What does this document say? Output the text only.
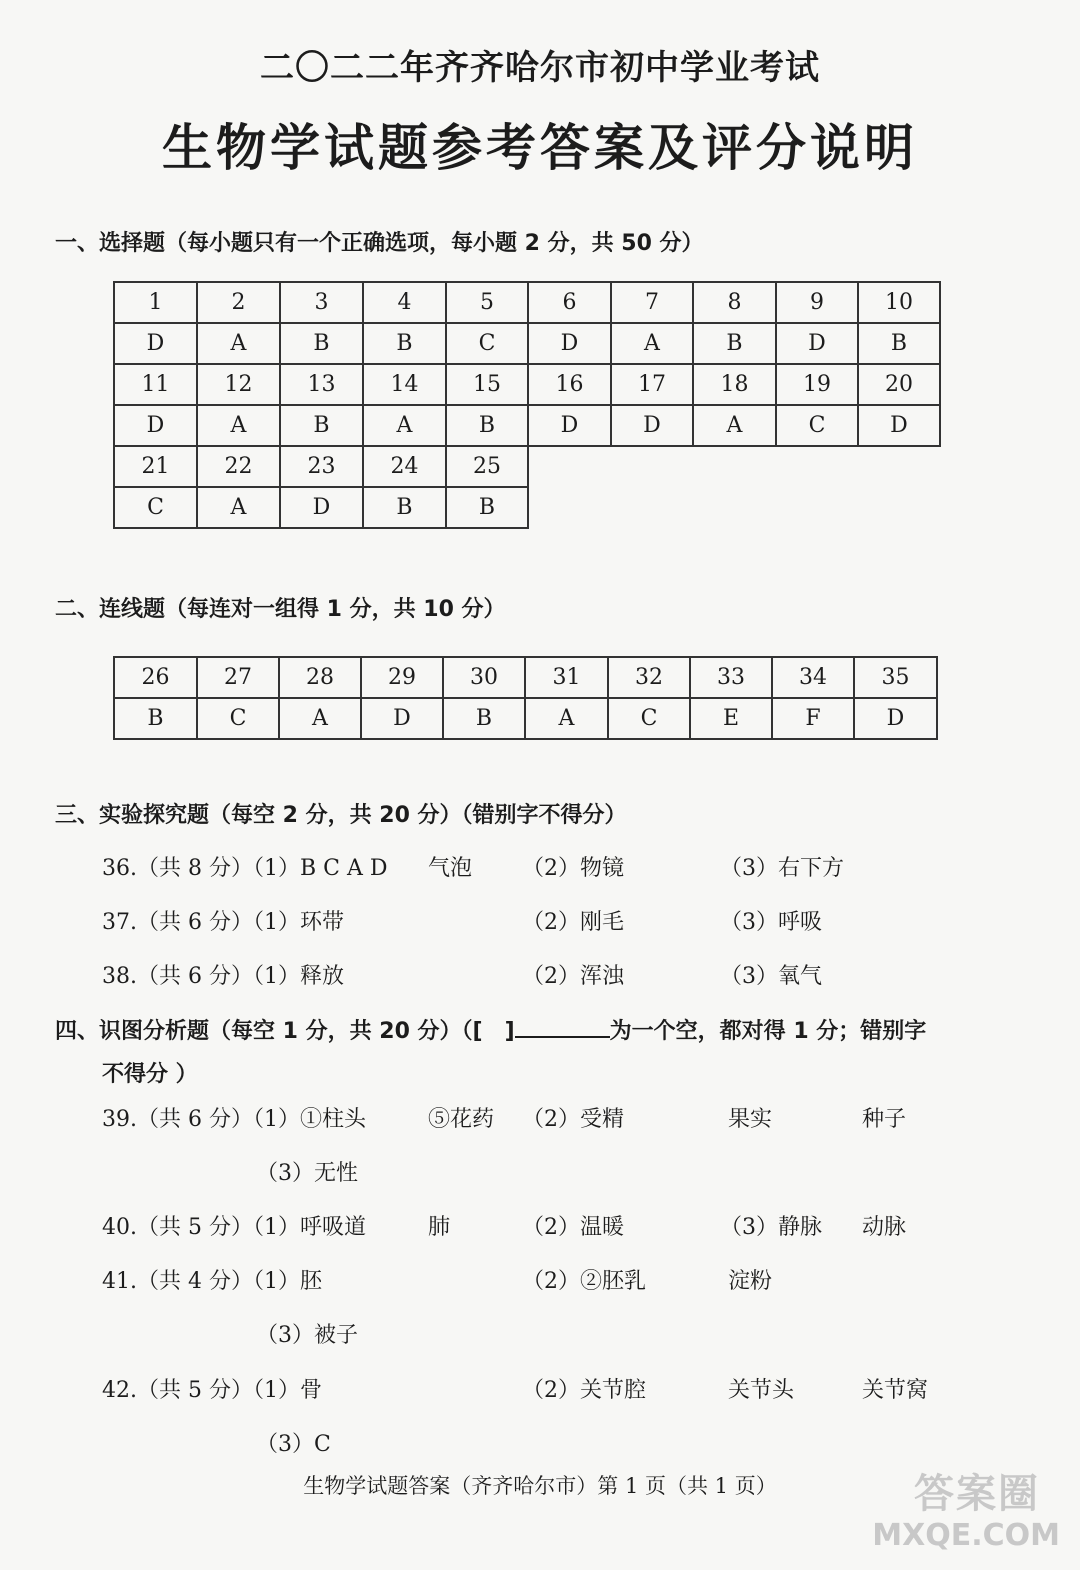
二〇二二年齐齐哈尔市初中学业考试
生物学试题参考答案及评分说明
一、选择题（每小题只有一个正确选项，每小题 2 分，共 50 分）
1	2	3	4	5	6	7	8	9	10
D	A	B	B	C	D	A	B	D	B
11	12	13	14	15	16	17	18	19	20
D	A	B	A	B	D	D	A	C	D
21	22	23	24	25					
C	A	D	B	B					
二、连线题（每连对一组得 1 分，共 10 分）
26	27	28	29	30	31	32	33	34	35
B	C	A	D	B	A	C	E	F	D
三、实验探究题（每空 2 分，共 20 分）（错别字不得分）
36.（共 8 分）（1）B C A D 气泡 （2）物镜	（3）右下方
37.（共 6 分）（1）环带	（2）刚毛	（3）呼吸
38.（共 6 分）（1）释放	（2）浑浊	（3）氧气
四、识图分析题（每空 1 分，共 20 分）（[　]	为一个空，都对得 1 分；错别字
不得分 ）
39.（共 6 分）（1）①柱头	⑤花药 （2）受精	果实	种子
（3）无性
40.（共 5 分）（1）呼吸道	肺	（2）温暖	（3）静脉 动脉
41.（共 4 分）（1）胚	（2）②胚乳	淀粉
（3）被子
42.（共 5 分）（1）骨	（2）关节腔	关节头	关节窝
（3）C
生物学试题答案（齐齐哈尔市）第 1 页（共 1 页）	答案圈
MXQE.COM
